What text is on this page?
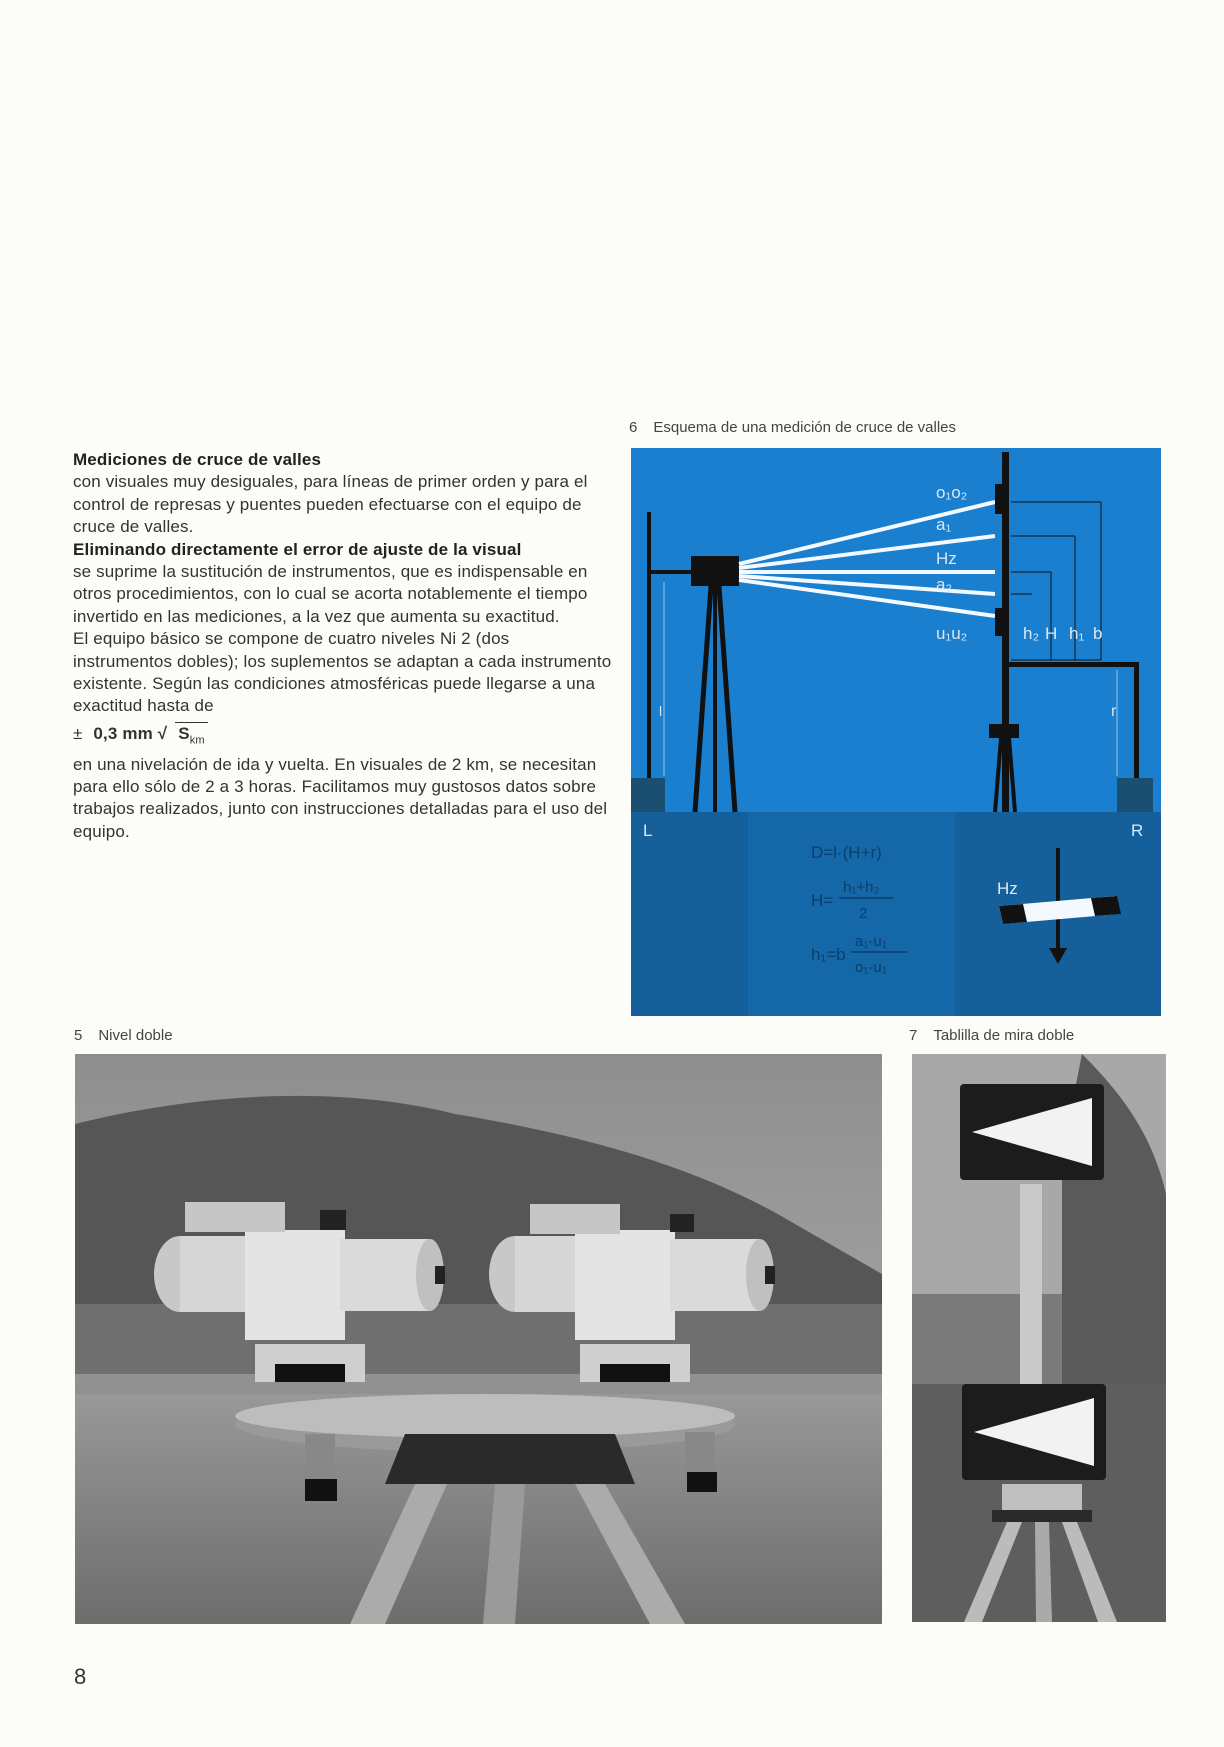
Mediciones de cruce de valles
con visuales muy desiguales, para líneas de primer orden y para el control de represas y puentes pueden efectuarse con el equipo de cruce de valles.
Eliminando directamente el error de ajuste de la visual
se suprime la sustitución de instrumentos, que es indispensable en otros procedimientos, con lo cual se acorta notablemente el tiempo invertido en las mediciones, a la vez que aumenta su exactitud.
El equipo básico se compone de cuatro niveles Ni 2 (dos instrumentos dobles); los suplementos se adaptan a cada instrumento existente. Según las condiciones atmosféricas puede llegarse a una exactitud hasta de

± 0,3 mm √ $S_{km}$

en una nivelación de ida y vuelta. En visuales de 2 km, se necesitan para ello sólo de 2 a 3 horas. Facilitamos muy gustosos datos sobre trabajos realizados, junto con instrucciones detalladas para el uso del equipo.

6 Esquema de una medición de cruce de valles
o₁o₂
a₁
Hz
a₂
u₁u₂	h₂ H h₁ b
l	r
L	R
D=l·(H+r)
H=
h₁+h₂
2
h₁=b
a₁-u₁
o₁-u₁
Hz
5 Nivel doble	7 Tablilla de mira doble
8
